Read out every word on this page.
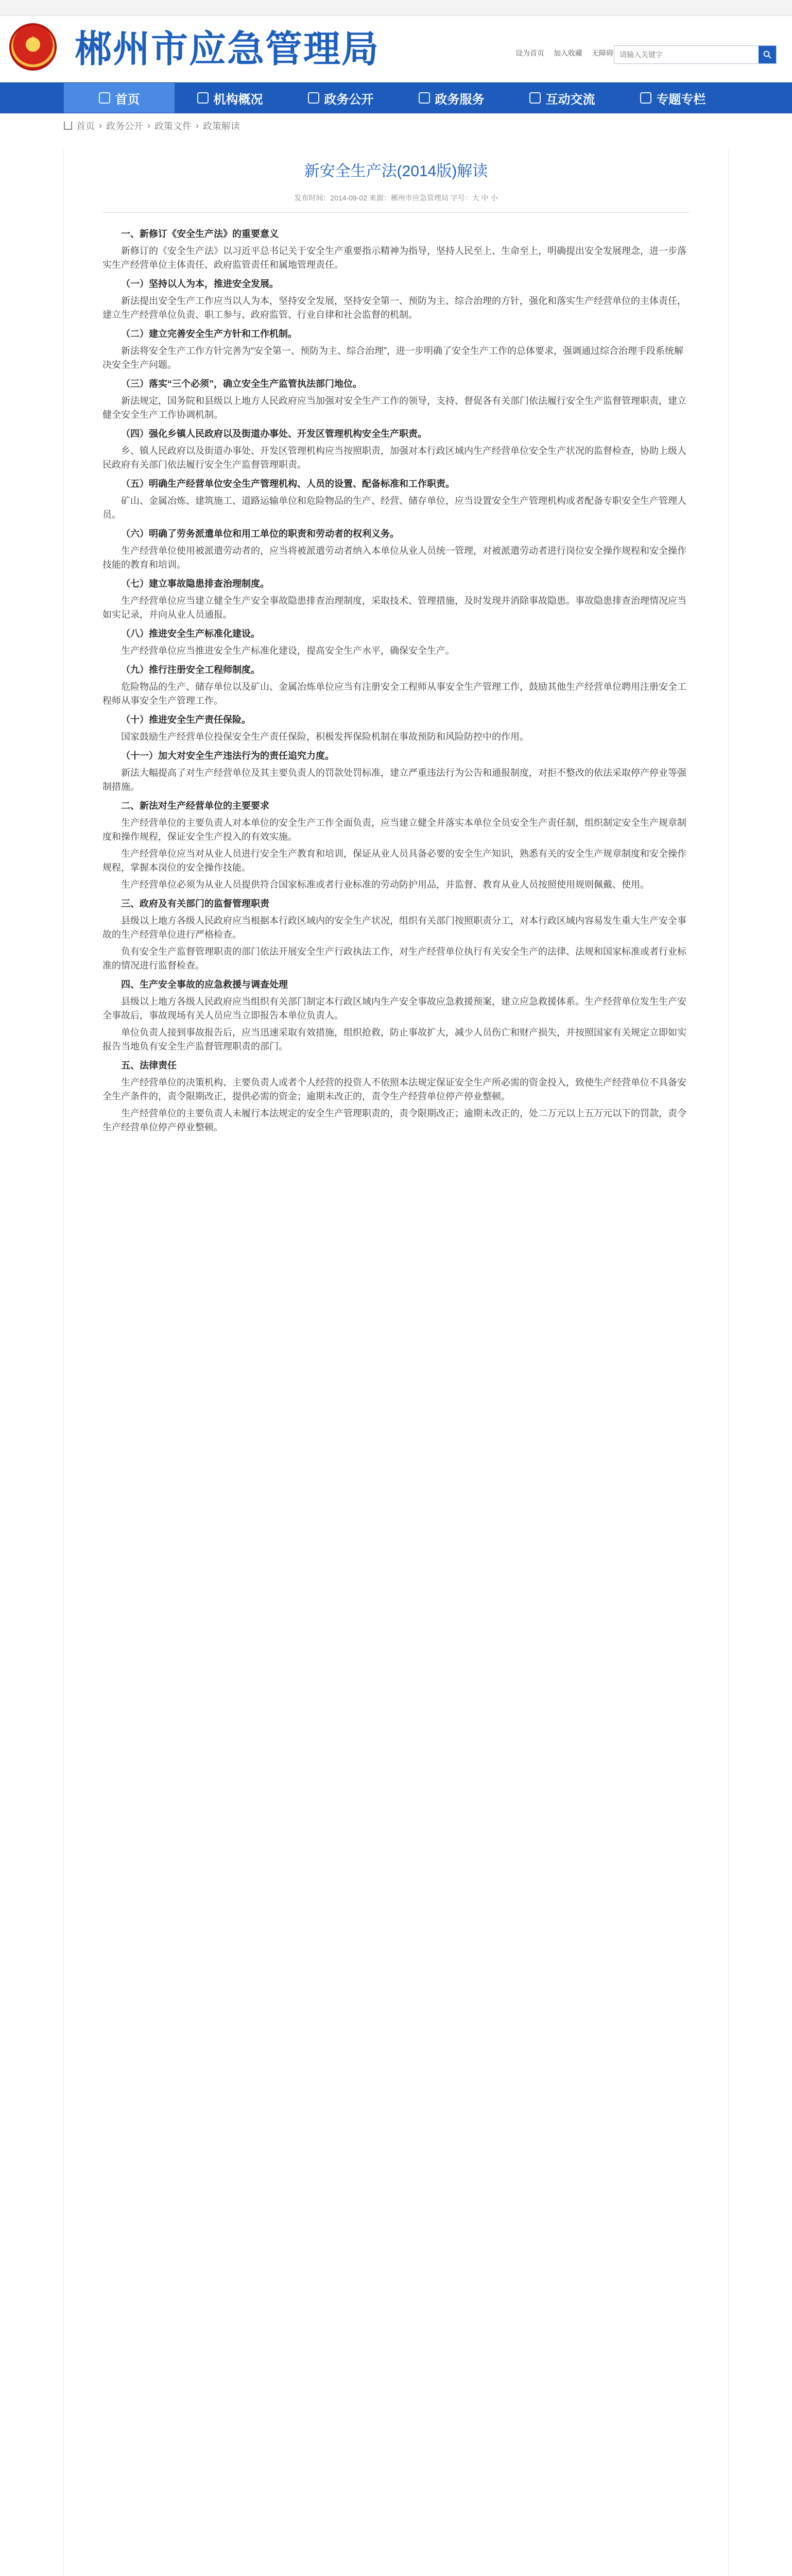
郴州市应急管理局	设为首页 加入收藏 无障碍
请输入关键字
首页	机构概况	政务公开	政务服务	互动交流	专题专栏
首页 › 政务公开 › 政策文件 › 政策解读
新安全生产法(2014版)解读
发布时间：2014-09-02 来源：郴州市应急管理局 字号：大 中 小

一、新修订《安全生产法》的重要意义

新修订的《安全生产法》以习近平总书记关于安全生产重要指示精神为指导，坚持人民至上、生命至上，明确提出安全发展理念，进一步落实生产经营单位主体责任、政府监管责任和属地管理责任。

（一）坚持以人为本，推进安全发展。

新法提出安全生产工作应当以人为本，坚持安全发展，坚持安全第一、预防为主、综合治理的方针，强化和落实生产经营单位的主体责任，建立生产经营单位负责、职工参与、政府监管、行业自律和社会监督的机制。

（二）建立完善安全生产方针和工作机制。

新法将安全生产工作方针完善为“安全第一、预防为主、综合治理”，进一步明确了安全生产工作的总体要求，强调通过综合治理手段系统解决安全生产问题。

（三）落实“三个必须”，确立安全生产监管执法部门地位。

新法规定，国务院和县级以上地方人民政府应当加强对安全生产工作的领导，支持、督促各有关部门依法履行安全生产监督管理职责，建立健全安全生产工作协调机制。

（四）强化乡镇人民政府以及街道办事处、开发区管理机构安全生产职责。

乡、镇人民政府以及街道办事处、开发区管理机构应当按照职责，加强对本行政区域内生产经营单位安全生产状况的监督检查，协助上级人民政府有关部门依法履行安全生产监督管理职责。

（五）明确生产经营单位安全生产管理机构、人员的设置、配备标准和工作职责。

矿山、金属冶炼、建筑施工、道路运输单位和危险物品的生产、经营、储存单位，应当设置安全生产管理机构或者配备专职安全生产管理人员。

（六）明确了劳务派遣单位和用工单位的职责和劳动者的权利义务。

生产经营单位使用被派遣劳动者的，应当将被派遣劳动者纳入本单位从业人员统一管理，对被派遣劳动者进行岗位安全操作规程和安全操作技能的教育和培训。

（七）建立事故隐患排查治理制度。

生产经营单位应当建立健全生产安全事故隐患排查治理制度，采取技术、管理措施，及时发现并消除事故隐患。事故隐患排查治理情况应当如实记录，并向从业人员通报。

（八）推进安全生产标准化建设。

生产经营单位应当推进安全生产标准化建设，提高安全生产水平，确保安全生产。

（九）推行注册安全工程师制度。

危险物品的生产、储存单位以及矿山、金属冶炼单位应当有注册安全工程师从事安全生产管理工作，鼓励其他生产经营单位聘用注册安全工程师从事安全生产管理工作。

（十）推进安全生产责任保险。

国家鼓励生产经营单位投保安全生产责任保险，积极发挥保险机制在事故预防和风险防控中的作用。

（十一）加大对安全生产违法行为的责任追究力度。

新法大幅提高了对生产经营单位及其主要负责人的罚款处罚标准，建立严重违法行为公告和通报制度，对拒不整改的依法采取停产停业等强制措施。

二、新法对生产经营单位的主要要求

生产经营单位的主要负责人对本单位的安全生产工作全面负责，应当建立健全并落实本单位全员安全生产责任制，组织制定安全生产规章制度和操作规程，保证安全生产投入的有效实施。

生产经营单位应当对从业人员进行安全生产教育和培训，保证从业人员具备必要的安全生产知识，熟悉有关的安全生产规章制度和安全操作规程，掌握本岗位的安全操作技能。

生产经营单位必须为从业人员提供符合国家标准或者行业标准的劳动防护用品，并监督、教育从业人员按照使用规则佩戴、使用。

三、政府及有关部门的监督管理职责

县级以上地方各级人民政府应当根据本行政区域内的安全生产状况，组织有关部门按照职责分工，对本行政区域内容易发生重大生产安全事故的生产经营单位进行严格检查。

负有安全生产监督管理职责的部门依法开展安全生产行政执法工作，对生产经营单位执行有关安全生产的法律、法规和国家标准或者行业标准的情况进行监督检查。

四、生产安全事故的应急救援与调查处理

县级以上地方各级人民政府应当组织有关部门制定本行政区域内生产安全事故应急救援预案，建立应急救援体系。生产经营单位发生生产安全事故后，事故现场有关人员应当立即报告本单位负责人。

单位负责人接到事故报告后，应当迅速采取有效措施，组织抢救，防止事故扩大，减少人员伤亡和财产损失，并按照国家有关规定立即如实报告当地负有安全生产监督管理职责的部门。

五、法律责任

生产经营单位的决策机构、主要负责人或者个人经营的投资人不依照本法规定保证安全生产所必需的资金投入，致使生产经营单位不具备安全生产条件的，责令限期改正，提供必需的资金；逾期未改正的，责令生产经营单位停产停业整顿。

生产经营单位的主要负责人未履行本法规定的安全生产管理职责的，责令限期改正；逾期未改正的，处二万元以上五万元以下的罚款，责令生产经营单位停产停业整顿。
